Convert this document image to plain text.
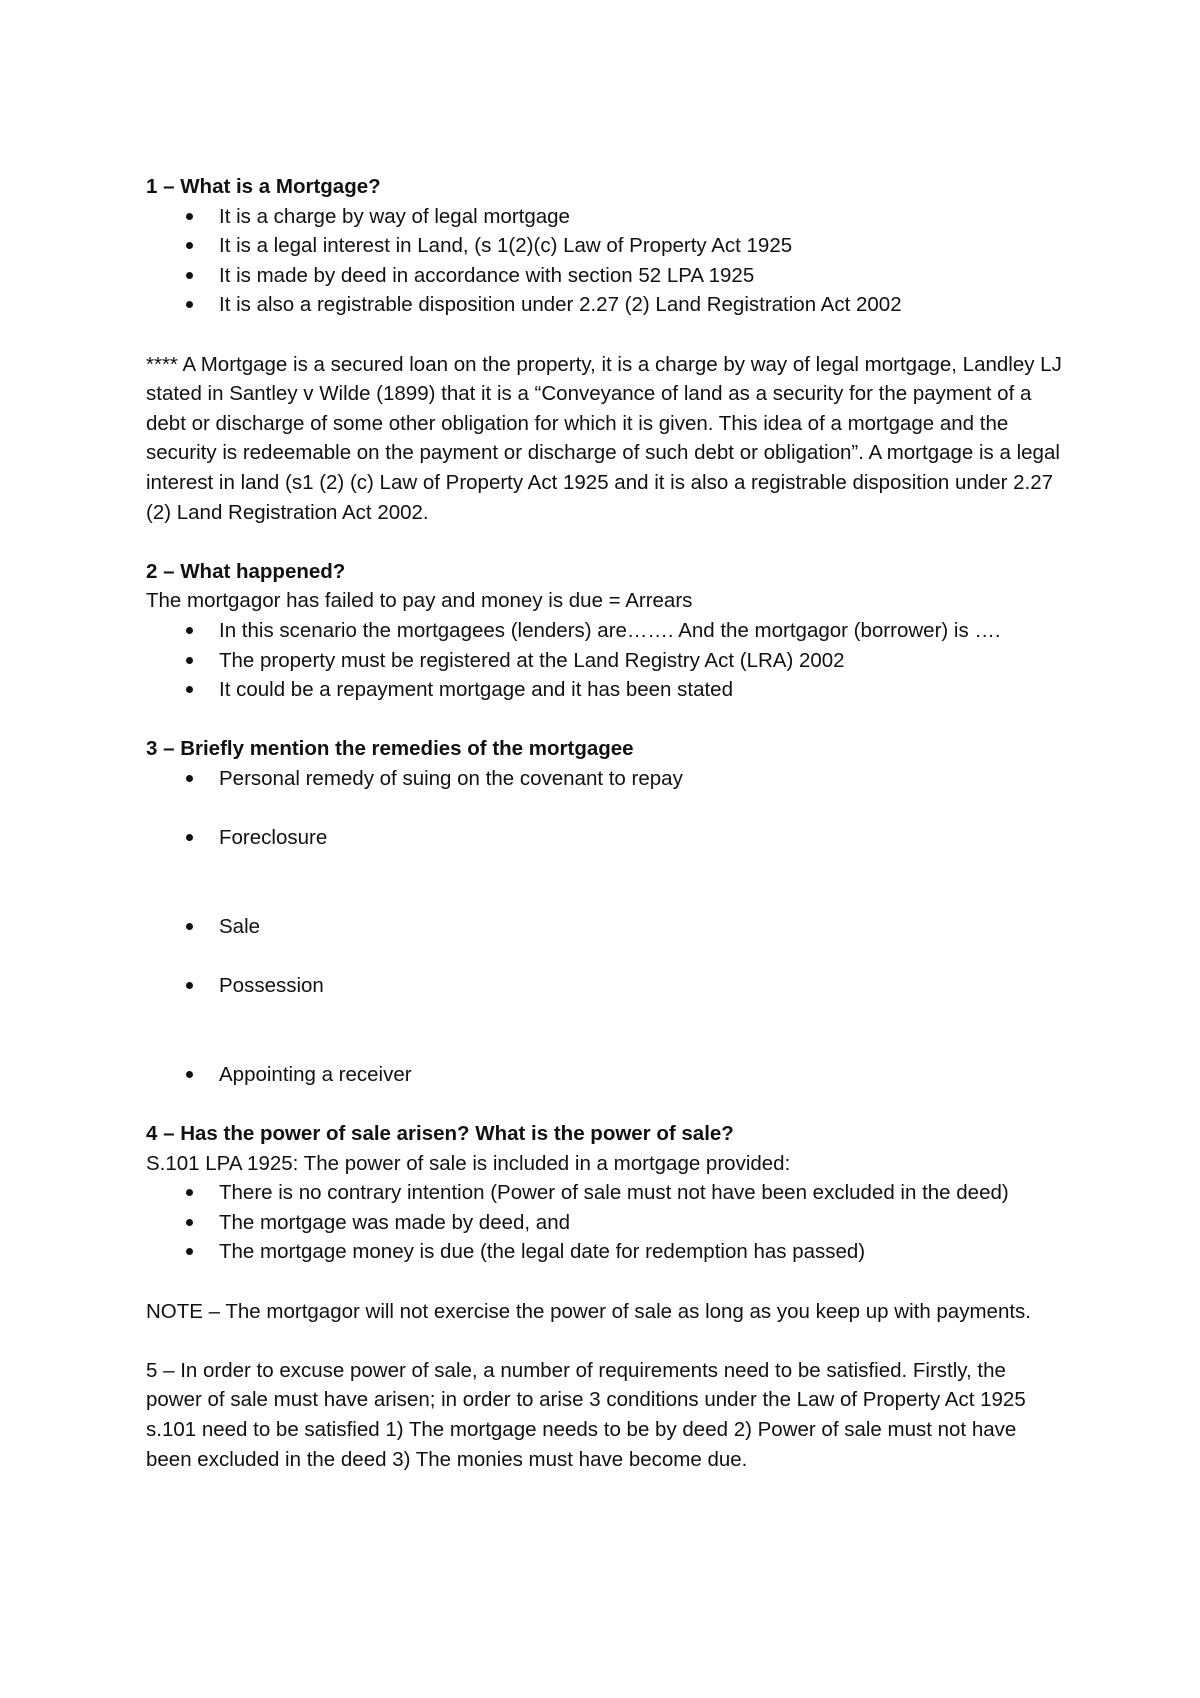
1 – What is a Mortgage?

It is a charge by way of legal mortgage
It is a legal interest in Land, (s 1(2)(c) Law of Property Act 1925
It is made by deed in accordance with section 52 LPA 1925
It is also a registrable disposition under 2.27 (2) Land Registration Act 2002

**** A Mortgage is a secured loan on the property, it is a charge by way of legal mortgage, Landley LJ stated in Santley v Wilde (1899) that it is a “Conveyance of land as a security for the payment of a debt or discharge of some other obligation for which it is given. This idea of a mortgage and the security is redeemable on the payment or discharge of such debt or obligation”. A mortgage is a legal interest in land (s1 (2) (c) Law of Property Act 1925 and it is also a registrable disposition under 2.27 (2) Land Registration Act 2002.

2 – What happened?

The mortgagor has failed to pay and money is due = Arrears

In this scenario the mortgagees (lenders) are……. And the mortgagor (borrower) is ….
The property must be registered at the Land Registry Act (LRA) 2002
It could be a repayment mortgage and it has been stated

3 – Briefly mention the remedies of the mortgagee

Personal remedy of suing on the covenant to repay
Foreclosure
Sale
Possession
Appointing a receiver

4 – Has the power of sale arisen? What is the power of sale?

S.101 LPA 1925: The power of sale is included in a mortgage provided:

There is no contrary intention (Power of sale must not have been excluded in the deed)
The mortgage was made by deed, and
The mortgage money is due (the legal date for redemption has passed)

NOTE – The mortgagor will not exercise the power of sale as long as you keep up with payments.

5 – In order to excuse power of sale, a number of requirements need to be satisfied. Firstly, the power of sale must have arisen; in order to arise 3 conditions under the Law of Property Act 1925 s.101 need to be satisfied 1) The mortgage needs to be by deed 2) Power of sale must not have been excluded in the deed 3) The monies must have become due.
